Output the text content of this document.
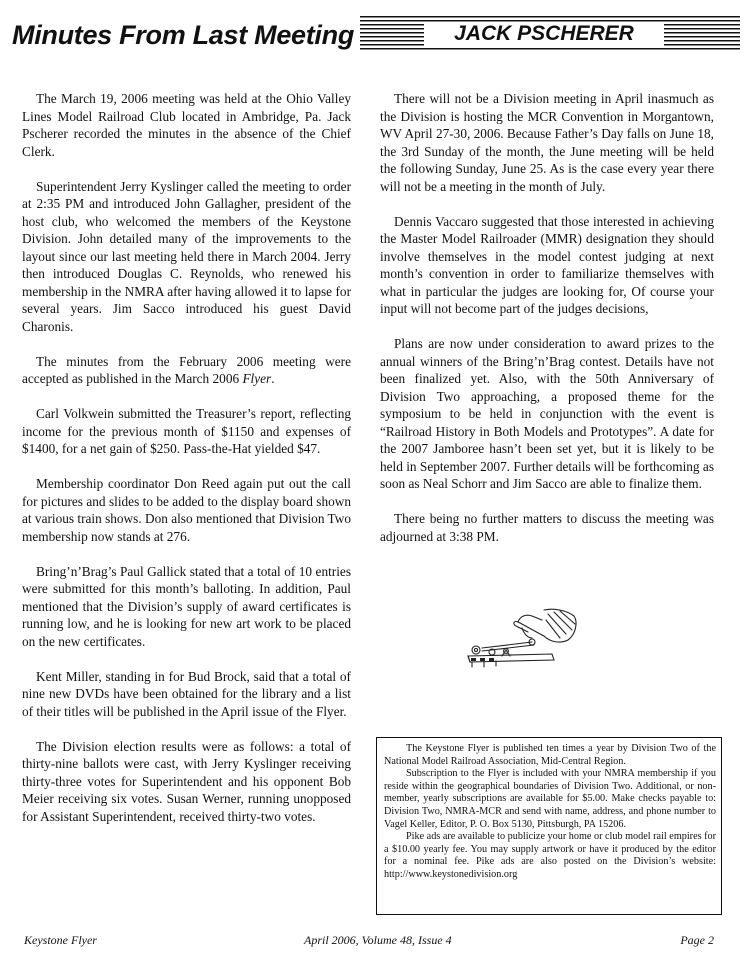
Minutes From Last Meeting	JACK PSCHERER

The March 19, 2006 meeting was held at the Ohio Valley Lines Model Railroad Club located in Ambridge, Pa. Jack Pscherer recorded the minutes in the absence of the Chief Clerk.

Superintendent Jerry Kyslinger called the meeting to order at 2:35 PM and introduced John Gallagher, president of the host club, who welcomed the members of the Keystone Division. John detailed many of the improvements to the layout since our last meeting held there in March 2004. Jerry then introduced Douglas C. Reynolds, who renewed his membership in the NMRA after having allowed it to lapse for several years. Jim Sacco introduced his guest David Charonis.

The minutes from the February 2006 meeting were accepted as published in the March 2006 Flyer.

Carl Volkwein submitted the Treasurer’s report, reflecting income for the previous month of $1150 and expenses of $1400, for a net gain of $250. Pass-the-Hat yielded $47.

Membership coordinator Don Reed again put out the call for pictures and slides to be added to the display board shown at various train shows. Don also mentioned that Division Two membership now stands at 276.

Bring’n’Brag’s Paul Gallick stated that a total of 10 entries were submitted for this month’s balloting. In addition, Paul mentioned that the Division’s supply of award certificates is running low, and he is looking for new art work to be placed on the new certificates.

Kent Miller, standing in for Bud Brock, said that a total of nine new DVDs have been obtained for the library and a list of their titles will be published in the April issue of the Flyer.

The Division election results were as follows: a total of thirty-nine ballots were cast, with Jerry Kyslinger receiving thirty-three votes for Superintendent and his opponent Bob Meier receiving six votes. Susan Werner, running unopposed for Assistant Superintendent, received thirty-two votes.

There will not be a Division meeting in April inasmuch as the Division is hosting the MCR Convention in Morgantown, WV April 27-30, 2006. Because Father’s Day falls on June 18, the 3rd Sunday of the month, the June meeting will be held the following Sunday, June 25. As is the case every year there will not be a meeting in the month of July.

Dennis Vaccaro suggested that those interested in achieving the Master Model Railroader (MMR) designation they should involve themselves in the model contest judging at next month’s convention in order to familiarize themselves with what in particular the judges are looking for, Of course your input will not become part of the judges decisions,

Plans are now under consideration to award prizes to the annual winners of the Bring’n’Brag contest. Details have not been finalized yet. Also, with the 50th Anniversary of Division Two approaching, a proposed theme for the symposium to be held in conjunction with the event is “Railroad History in Both Models and Prototypes”. A date for the 2007 Jamboree hasn’t been set yet, but it is likely to be held in September 2007. Further details will be forthcoming as soon as Neal Schorr and Jim Sacco are able to finalize them.

There being no further matters to discuss the meeting was adjourned at 3:38 PM.

The Keystone Flyer is published ten times a year by Division Two of the National Model Railroad Association, Mid-Central Region.

Subscription to the Flyer is included with your NMRA membership if you reside within the geographical boundaries of Division Two. Additional, or non-member, yearly subscriptions are available for $5.00. Make checks payable to: Division Two, NMRA-MCR and send with name, address, and phone number to Vagel Keller, Editor, P. O. Box 5130, Pittsburgh, PA 15206.

Pike ads are available to publicize your home or club model rail empires for a $10.00 yearly fee. You may supply artwork or have it produced by the editor for a nominal fee. Pike ads are also posted on the Division’s website: http://www.keystonedivision.org

Keystone Flyer	April 2006, Volume 48, Issue 4	Page 2
